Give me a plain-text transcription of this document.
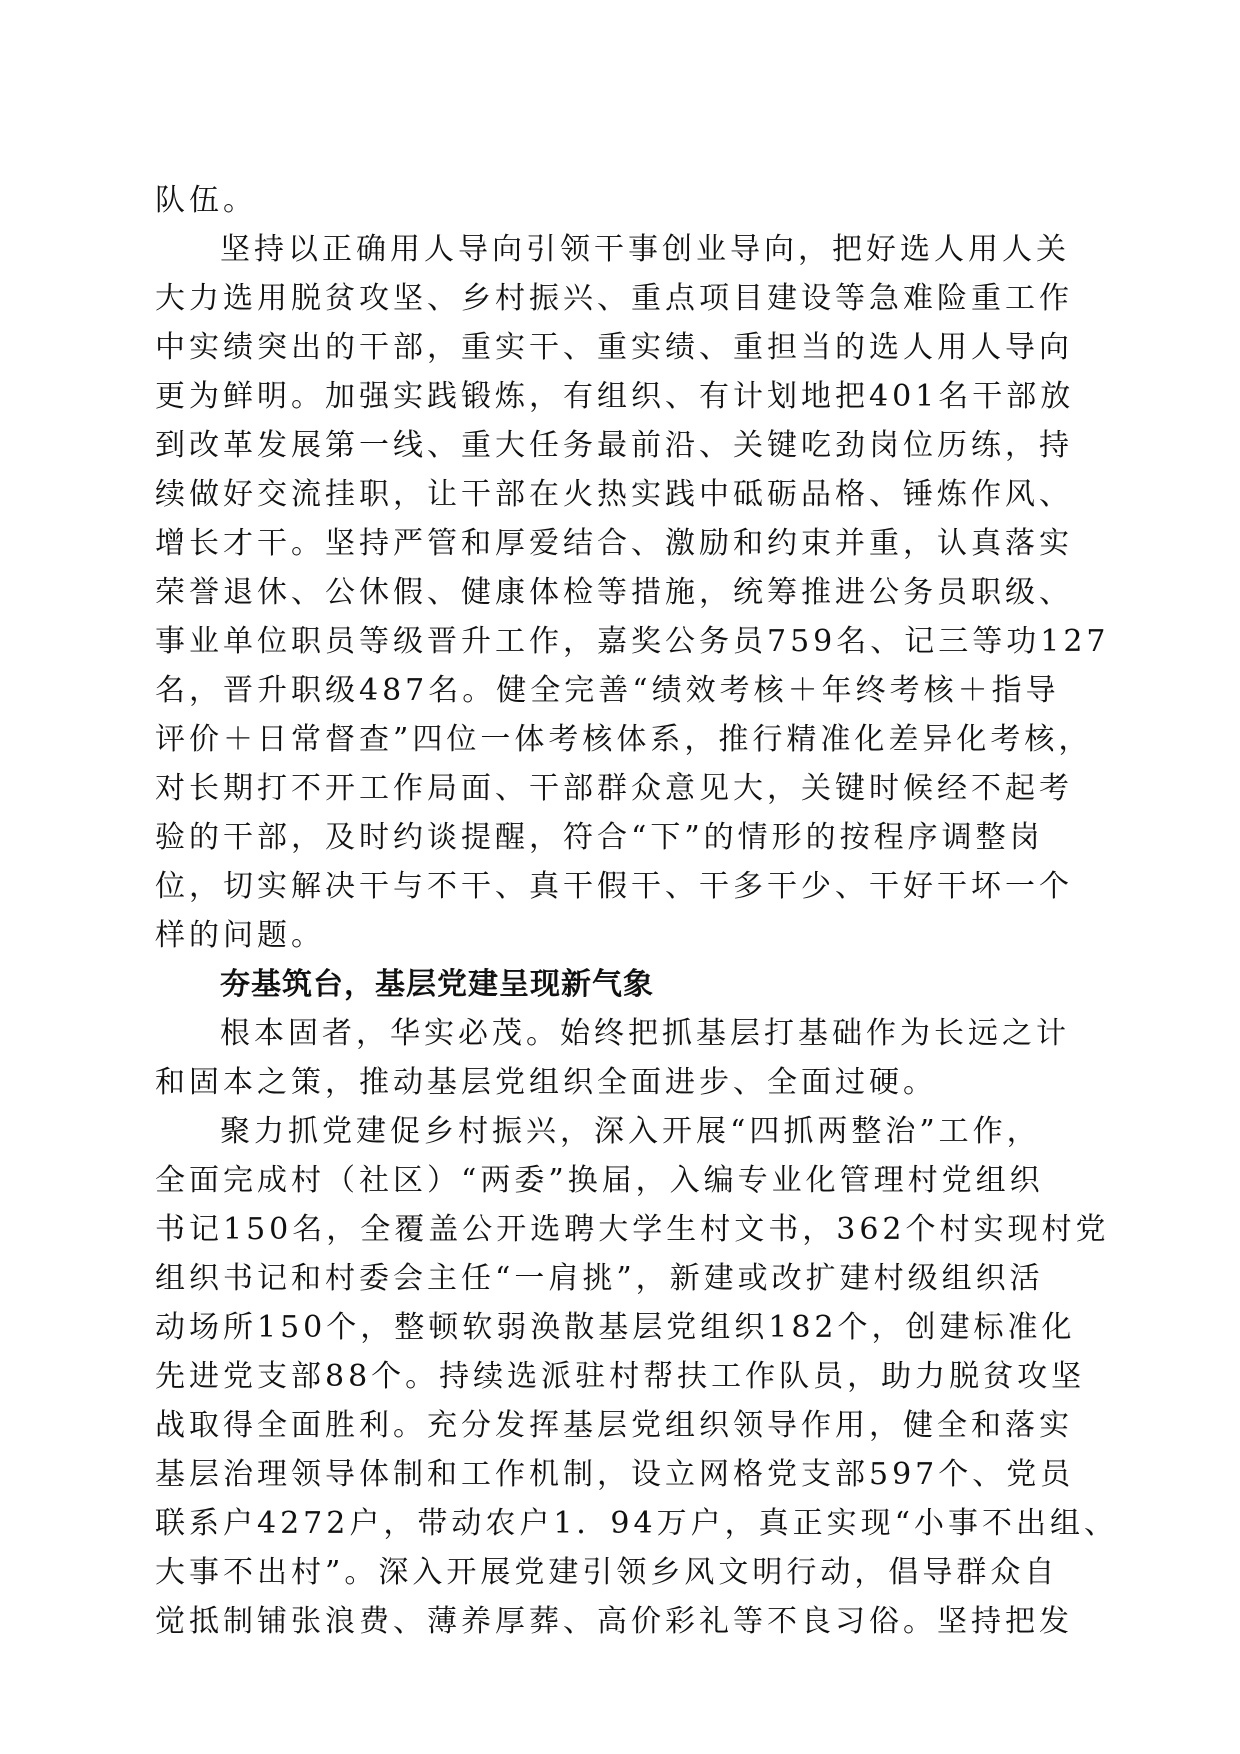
队伍。
坚持以正确用人导向引领干事创业导向，把好选人用人关
大力选用脱贫攻坚、乡村振兴、重点项目建设等急难险重工作
中实绩突出的干部，重实干、重实绩、重担当的选人用人导向
更为鲜明。加强实践锻炼，有组织、有计划地把401名干部放
到改革发展第一线、重大任务最前沿、关键吃劲岗位历练，持
续做好交流挂职，让干部在火热实践中砥砺品格、锤炼作风、
增长才干。坚持严管和厚爱结合、激励和约束并重，认真落实
荣誉退休、公休假、健康体检等措施，统筹推进公务员职级、
事业单位职员等级晋升工作，嘉奖公务员759名、记三等功127
名，晋升职级487名。健全完善“绩效考核＋年终考核＋指导
评价＋日常督查”四位一体考核体系，推行精准化差异化考核，
对长期打不开工作局面、干部群众意见大，关键时候经不起考
验的干部，及时约谈提醒，符合“下”的情形的按程序调整岗
位，切实解决干与不干、真干假干、干多干少、干好干坏一个
样的问题。
夯基筑台，基层党建呈现新气象
根本固者，华实必茂。始终把抓基层打基础作为长远之计
和固本之策，推动基层党组织全面进步、全面过硬。
聚力抓党建促乡村振兴，深入开展“四抓两整治”工作，
全面完成村（社区）“两委”换届，入编专业化管理村党组织
书记150名，全覆盖公开选聘大学生村文书，362个村实现村党
组织书记和村委会主任“一肩挑”，新建或改扩建村级组织活
动场所150个，整顿软弱涣散基层党组织182个，创建标准化
先进党支部88个。持续选派驻村帮扶工作队员，助力脱贫攻坚
战取得全面胜利。充分发挥基层党组织领导作用，健全和落实
基层治理领导体制和工作机制，设立网格党支部597个、党员
联系户4272户，带动农户1．94万户，真正实现“小事不出组、
大事不出村”。深入开展党建引领乡风文明行动，倡导群众自
觉抵制铺张浪费、薄养厚葬、高价彩礼等不良习俗。坚持把发
